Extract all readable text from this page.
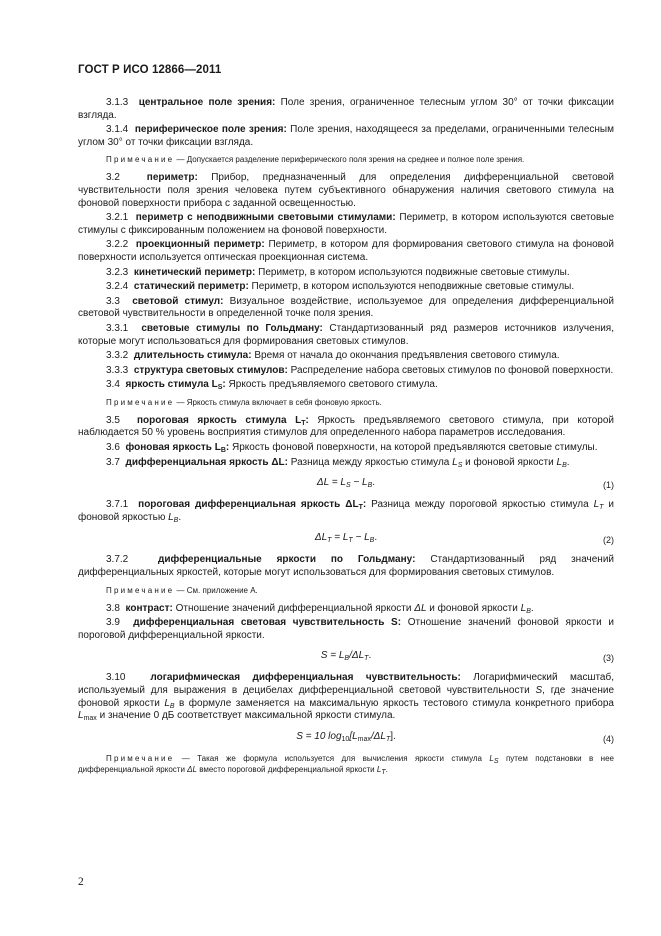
ГОСТ Р ИСО 12866—2011

3.1.3 центральное поле зрения: Поле зрения, ограниченное телесным углом 30° от точки фиксации взгляда.

3.1.4 периферическое поле зрения: Поле зрения, находящееся за пределами, ограниченными телесным углом 30° от точки фиксации взгляда.

Примечание — Допускается разделение периферического поля зрения на среднее и полное поле зрения.

3.2	периметр: Прибор, предназначенный для определения дифференциальной световой чувствительности поля зрения человека путем субъективного обнаружения наличия светового стимула на фоновой поверхности прибора с заданной освещенностью.

3.2.1 периметр с неподвижными световыми стимулами: Периметр, в котором используются световые стимулы с фиксированным положением на фоновой поверхности.

3.2.2 проекционный периметр: Периметр, в котором для формирования светового стимула на фоновой поверхности используется оптическая проекционная система.

3.2.3 кинетический периметр: Периметр, в котором используются подвижные световые стимулы.

3.2.4 статический периметр: Периметр, в котором используются неподвижные световые стимулы.

3.3 световой стимул: Визуальное воздействие, используемое для определения дифференциальной световой чувствительности в определенной точке поля зрения.

3.3.1 световые стимулы по Гольдману: Стандартизованный ряд размеров источников излучения, которые могут использоваться для формирования световых стимулов.

3.3.2 длительность стимула: Время от начала до окончания предъявления светового стимула.

3.3.3 структура световых стимулов: Распределение набора световых стимулов по фоновой поверхности.

3.4 яркость стимула $L_S$: Яркость предъявляемого светового стимула.

Примечание — Яркость стимула включает в себя фоновую яркость.

3.5 пороговая яркость стимула $L_T$: Яркость предъявляемого светового стимула, при которой наблюдается 50 % уровень восприятия стимулов для определенного набора параметров исследования.

3.6 фоновая яркость $L_B$: Яркость фоновой поверхности, на которой предъявляются световые стимулы.

3.7 дифференциальная яркость ΔL: Разница между яркостью стимула $L_S$ и фоновой яркости $L_B$.

$\Delta L = L_S - L_B$.	(1)

3.7.1 пороговая дифференциальная яркость $\Delta L_T$: Разница между пороговой яркостью стимула $L_T$ и фоновой яркостью $L_B$.

$\Delta L_T = L_T - L_B$.	(2)

3.7.2	дифференциальные яркости по Гольдману: Стандартизованный ряд значений дифференциальных яркостей, которые могут использоваться для формирования световых стимулов.

Примечание — См. приложение А.

3.8 контраст: Отношение значений дифференциальной яркости ΔL и фоновой яркости $L_B$.

3.9 дифференциальная световая чувствительность S: Отношение значений фоновой яркости и пороговой дифференциальной яркости.

$S = L_B/\Delta L_T$.	(3)

3.10 логарифмическая дифференциальная чувствительность: Логарифмический масштаб, используемый для выражения в децибелах дифференциальной световой чувствительности S, где значение фоновой яркости $L_B$ в формуле заменяется на максимальную яркость тестового стимула конкретного прибора $L_{max}$ и значение 0 дБ соответствует максимальной яркости стимула.

S = 10 $\log_{10}[L_{max}/\Delta L_T]$.	(4)

Примечание — Такая же формула используется для вычисления яркости стимула $L_S$ путем подстановки в нее дифференциальной яркости ΔL вместо пороговой дифференциальной яркости $L_T$.

2
